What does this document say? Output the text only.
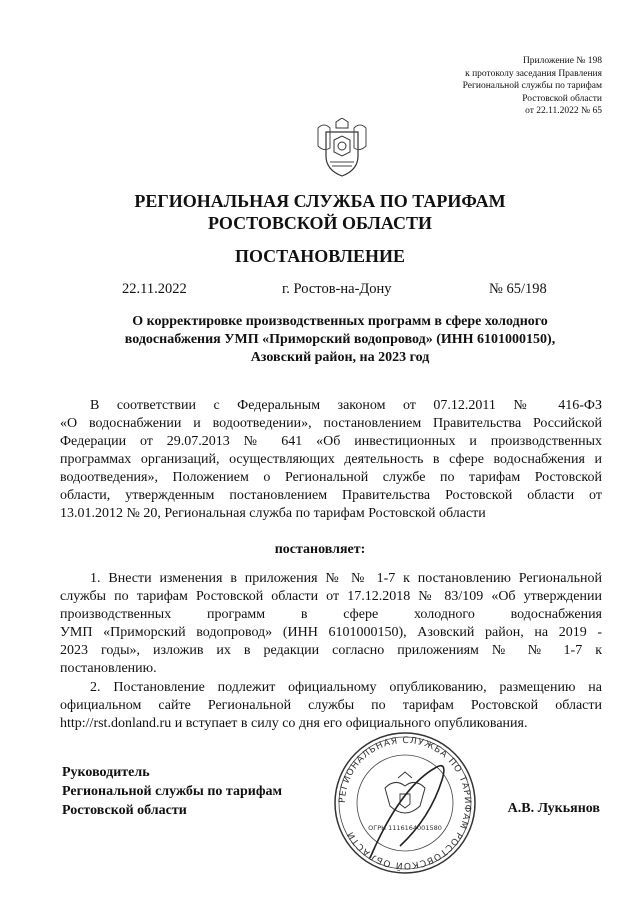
Приложение № 198
к протоколу заседания Правления
Региональной службы по тарифам
Ростовской области
от 22.11.2022 № 65
РЕГИОНАЛЬНАЯ СЛУЖБА ПО ТАРИФАМ
РОСТОВСКОЙ ОБЛАСТИ
ПОСТАНОВЛЕНИЕ
22.11.2022	г. Ростов-на-Дону	№ 65/198
О корректировке производственных программ в сфере холодного
водоснабжения УМП «Приморский водопровод» (ИНН 6101000150),
Азовский район, на 2023 год
В соответствии с Федеральным законом от 07.12.2011 № 416-ФЗ
«О водоснабжении и водоотведении», постановлением Правительства Российской
Федерации от 29.07.2013 № 641 «Об инвестиционных и производственных
программах организаций, осуществляющих деятельность в сфере водоснабжения и
водоотведения», Положением о Региональной службе по тарифам Ростовской
области, утвержденным постановлением Правительства Ростовской области от
13.01.2012 № 20, Региональная служба по тарифам Ростовской области
постановляет:
1. Внести изменения в приложения № № 1-7 к постановлению Региональной
службы по тарифам Ростовской области от 17.12.2018 № 83/109 «Об утверждении
производственных программ в сфере холодного водоснабжения
УМП «Приморский водопровод» (ИНН 6101000150), Азовский район, на 2019 -
2023 годы», изложив их в редакции согласно приложениям № № 1-7 к
постановлению.
2. Постановление подлежит официальному опубликованию, размещению на
официальном сайте Региональной службы по тарифам Ростовской области
http://rst.donland.ru и вступает в силу со дня его официального опубликования.
РЕГИОНАЛЬНАЯ СЛУЖБА ПО ТАРИФАМ РОСТОВСКОЙ ОБЛАСТИ
ОГРН 1116164001580
Руководитель
Региональной службы по тарифам
Ростовской области	А.В. Лукьянов
